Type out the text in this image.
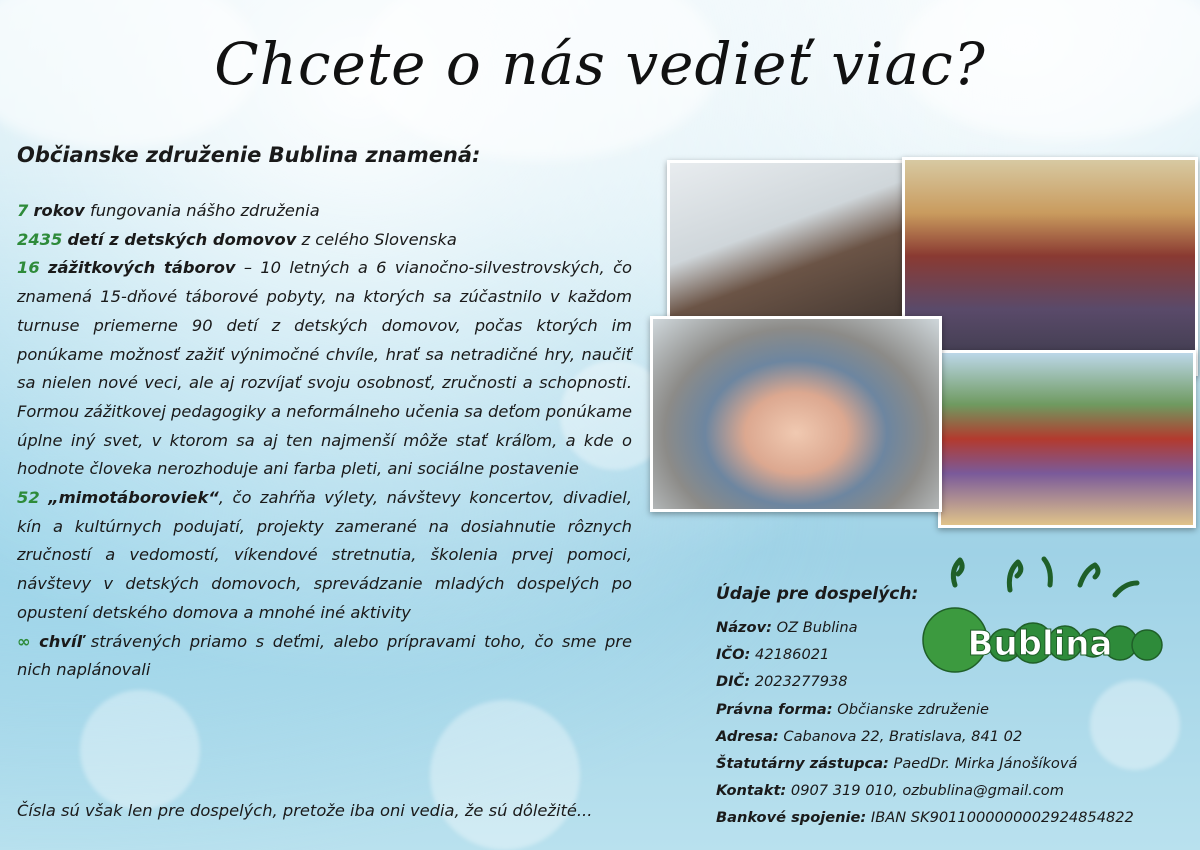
Chcete o nás vedieť viac?
Občianske združenie Bublina znamená:

7 rokov fungovania nášho združenia

2435 detí z detských domovov z celého Slovenska

16 zážitkových táborov – 10 letných a 6 vianočno-silvestrovských, čo znamená 15-dňové táborové pobyty, na ktorých sa zúčastnilo v každom turnuse priemerne 90 detí z detských domovov, počas ktorých im ponúkame možnosť zažiť výnimočné chvíle, hrať sa netradičné hry, naučiť sa nielen nové veci, ale aj rozvíjať svoju osobnosť, zručnosti a schopnosti. Formou zážitkovej pedagogiky a neformálneho učenia sa deťom ponúkame úplne iný svet, v ktorom sa aj ten najmenší môže stať kráľom, a kde o hodnote človeka nerozhoduje ani farba pleti, ani sociálne postavenie

52 „mimotáboroviek“, čo zahŕňa výlety, návštevy koncertov, divadiel, kín a kultúrnych podujatí, projekty zamerané na dosiahnutie rôznych zručností a vedomostí, víkendové stretnutia, školenia prvej pomoci, návštevy v detských domovoch, sprevádzanie mladých dospelých po opustení detského domova a mnohé iné aktivity

∞ chvíľ strávených priamo s deťmi, alebo prípravami toho, čo sme pre nich naplánovali

Čísla sú však len pre dospelých, pretože iba oni vedia, že sú dôležité...
Bublina
Údaje pre dospelých:
Názov: OZ Bublina
IČO: 42186021
DIČ: 2023277938
Právna forma: Občianske združenie
Adresa: Cabanova 22, Bratislava, 841 02
Štatutárny zástupca: PaedDr. Mirka Jánošíková
Kontakt: 0907 319 010, ozbublina@gmail.com
Bankové spojenie: IBAN SK9011000000002924854822
